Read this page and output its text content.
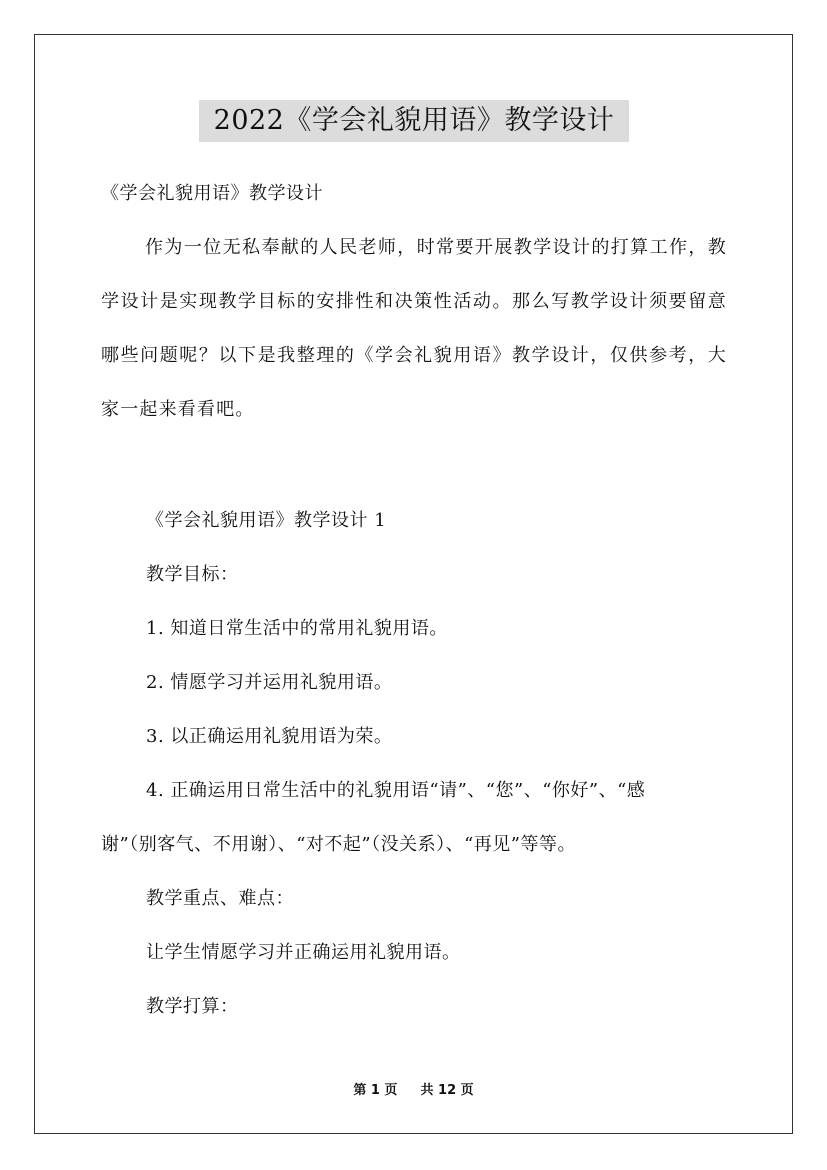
2022《学会礼貌用语》教学设计
《学会礼貌用语》教学设计
作为一位无私奉献的人民老师，时常要开展教学设计的打算工作，教学设计是实现教学目标的安排性和决策性活动。那么写教学设计须要留意哪些问题呢？以下是我整理的《学会礼貌用语》教学设计，仅供参考，大家一起来看看吧。
《学会礼貌用语》教学设计 1
教学目标：
1. 知道日常生活中的常用礼貌用语。
2. 情愿学习并运用礼貌用语。
3. 以正确运用礼貌用语为荣。
4. 正确运用日常生活中的礼貌用语“请”、“您”、“你好”、“感
谢”（别客气、不用谢）、“对不起”（没关系）、“再见”等等。
教学重点、难点：
让学生情愿学习并正确运用礼貌用语。
教学打算：
第 1 页 共 12 页
